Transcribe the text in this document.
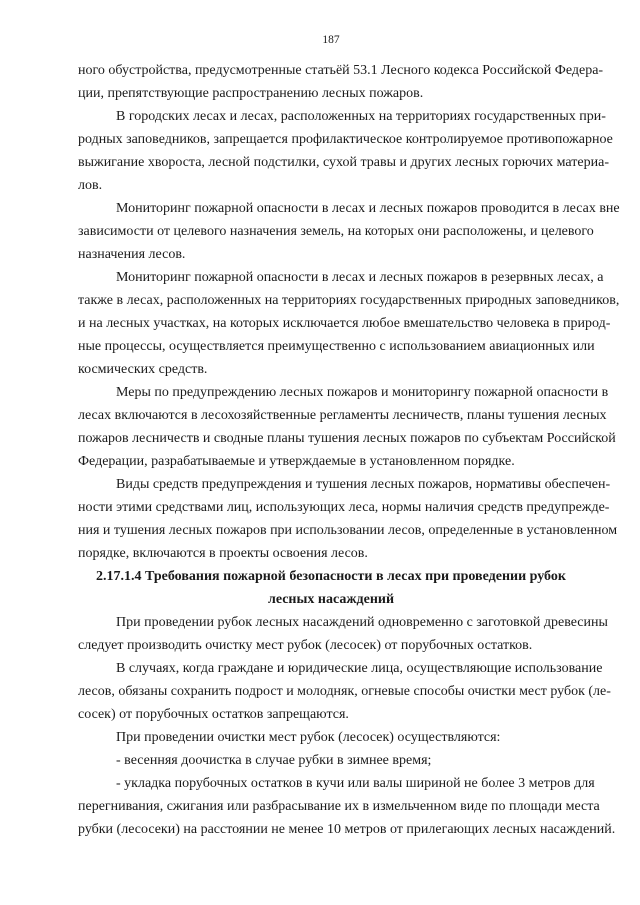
187
ного обустройства, предусмотренные статьёй 53.1 Лесного кодекса Российской Федера-
ции, препятствующие распространению лесных пожаров.
В городских лесах и лесах, расположенных на территориях государственных при-
родных заповедников, запрещается профилактическое контролируемое противопожарное
выжигание хвороста, лесной подстилки, сухой травы и других лесных горючих материа-
лов.
Мониторинг пожарной опасности в лесах и лесных пожаров проводится в лесах вне
зависимости от целевого назначения земель, на которых они расположены, и целевого
назначения лесов.
Мониторинг пожарной опасности в лесах и лесных пожаров в резервных лесах, а
также в лесах, расположенных на территориях государственных природных заповедников,
и на лесных участках, на которых исключается любое вмешательство человека в природ-
ные процессы, осуществляется преимущественно с использованием авиационных или
космических средств.
Меры по предупреждению лесных пожаров и мониторингу пожарной опасности в
лесах включаются в лесохозяйственные регламенты лесничеств, планы тушения лесных
пожаров лесничеств и сводные планы тушения лесных пожаров по субъектам Российской
Федерации, разрабатываемые и утверждаемые в установленном порядке.
Виды средств предупреждения и тушения лесных пожаров, нормативы обеспечен-
ности этими средствами лиц, использующих леса, нормы наличия средств предупрежде-
ния и тушения лесных пожаров при использовании лесов, определенные в установленном
порядке, включаются в проекты освоения лесов.
2.17.1.4 Требования пожарной безопасности в лесах при проведении рубок
лесных насаждений
При проведении рубок лесных насаждений одновременно с заготовкой древесины
следует производить очистку мест рубок (лесосек) от порубочных остатков.
В случаях, когда граждане и юридические лица, осуществляющие использование
лесов, обязаны сохранить подрост и молодняк, огневые способы очистки мест рубок (ле-
сосек) от порубочных остатков запрещаются.
При проведении очистки мест рубок (лесосек) осуществляются:
- весенняя доочистка в случае рубки в зимнее время;
- укладка порубочных остатков в кучи или валы шириной не более 3 метров для
перегнивания, сжигания или разбрасывание их в измельченном виде по площади места
рубки (лесосеки) на расстоянии не менее 10 метров от прилегающих лесных насаждений.
